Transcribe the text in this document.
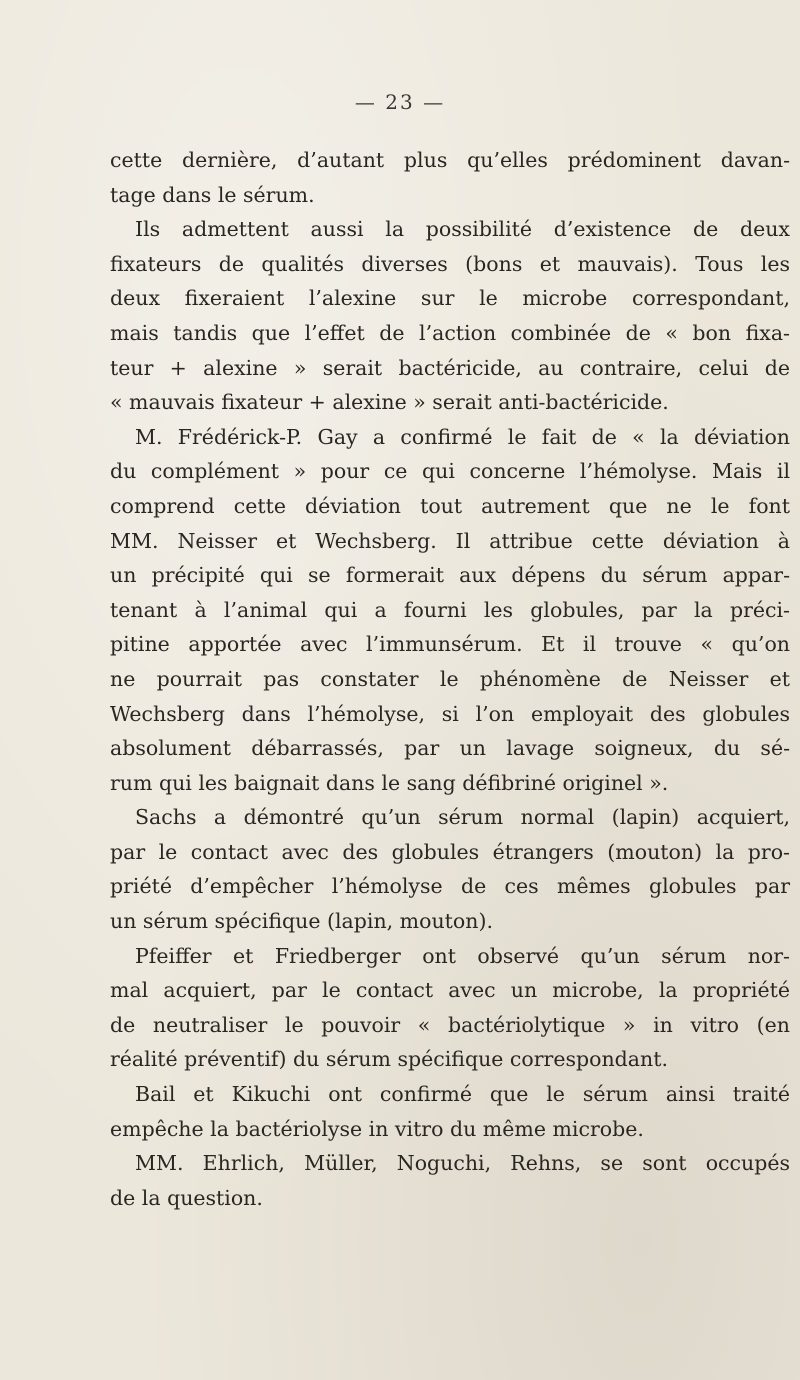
— 23 —
cette dernière, d’autant plus qu’elles prédominent davan-
tage dans le sérum.
Ils admettent aussi la possibilité d’existence de deux
fixateurs de qualités diverses (bons et mauvais). Tous les
deux fixeraient l’alexine sur le microbe correspondant,
mais tandis que l’effet de l’action combinée de « bon fixa-
teur + alexine » serait bactéricide, au contraire, celui de
« mauvais fixateur + alexine » serait anti-bactéricide.
M. Frédérick-P. Gay a confirmé le fait de « la déviation
du complément » pour ce qui concerne l’hémolyse. Mais il
comprend cette déviation tout autrement que ne le font
MM. Neisser et Wechsberg. Il attribue cette déviation à
un précipité qui se formerait aux dépens du sérum appar-
tenant à l’animal qui a fourni les globules, par la préci-
pitine apportée avec l’immunsérum. Et il trouve « qu’on
ne pourrait pas constater le phénomène de Neisser et
Wechsberg dans l’hémolyse, si l’on employait des globules
absolument débarrassés, par un lavage soigneux, du sé-
rum qui les baignait dans le sang défibriné originel ».
Sachs a démontré qu’un sérum normal (lapin) acquiert,
par le contact avec des globules étrangers (mouton) la pro-
priété d’empêcher l’hémolyse de ces mêmes globules par
un sérum spécifique (lapin, mouton).
Pfeiffer et Friedberger ont observé qu’un sérum nor-
mal acquiert, par le contact avec un microbe, la propriété
de neutraliser le pouvoir « bactériolytique » in vitro (en
réalité préventif) du sérum spécifique correspondant.
Bail et Kikuchi ont confirmé que le sérum ainsi traité
empêche la bactériolyse in vitro du même microbe.
MM. Ehrlich, Müller, Noguchi, Rehns, se sont occupés
de la question.
